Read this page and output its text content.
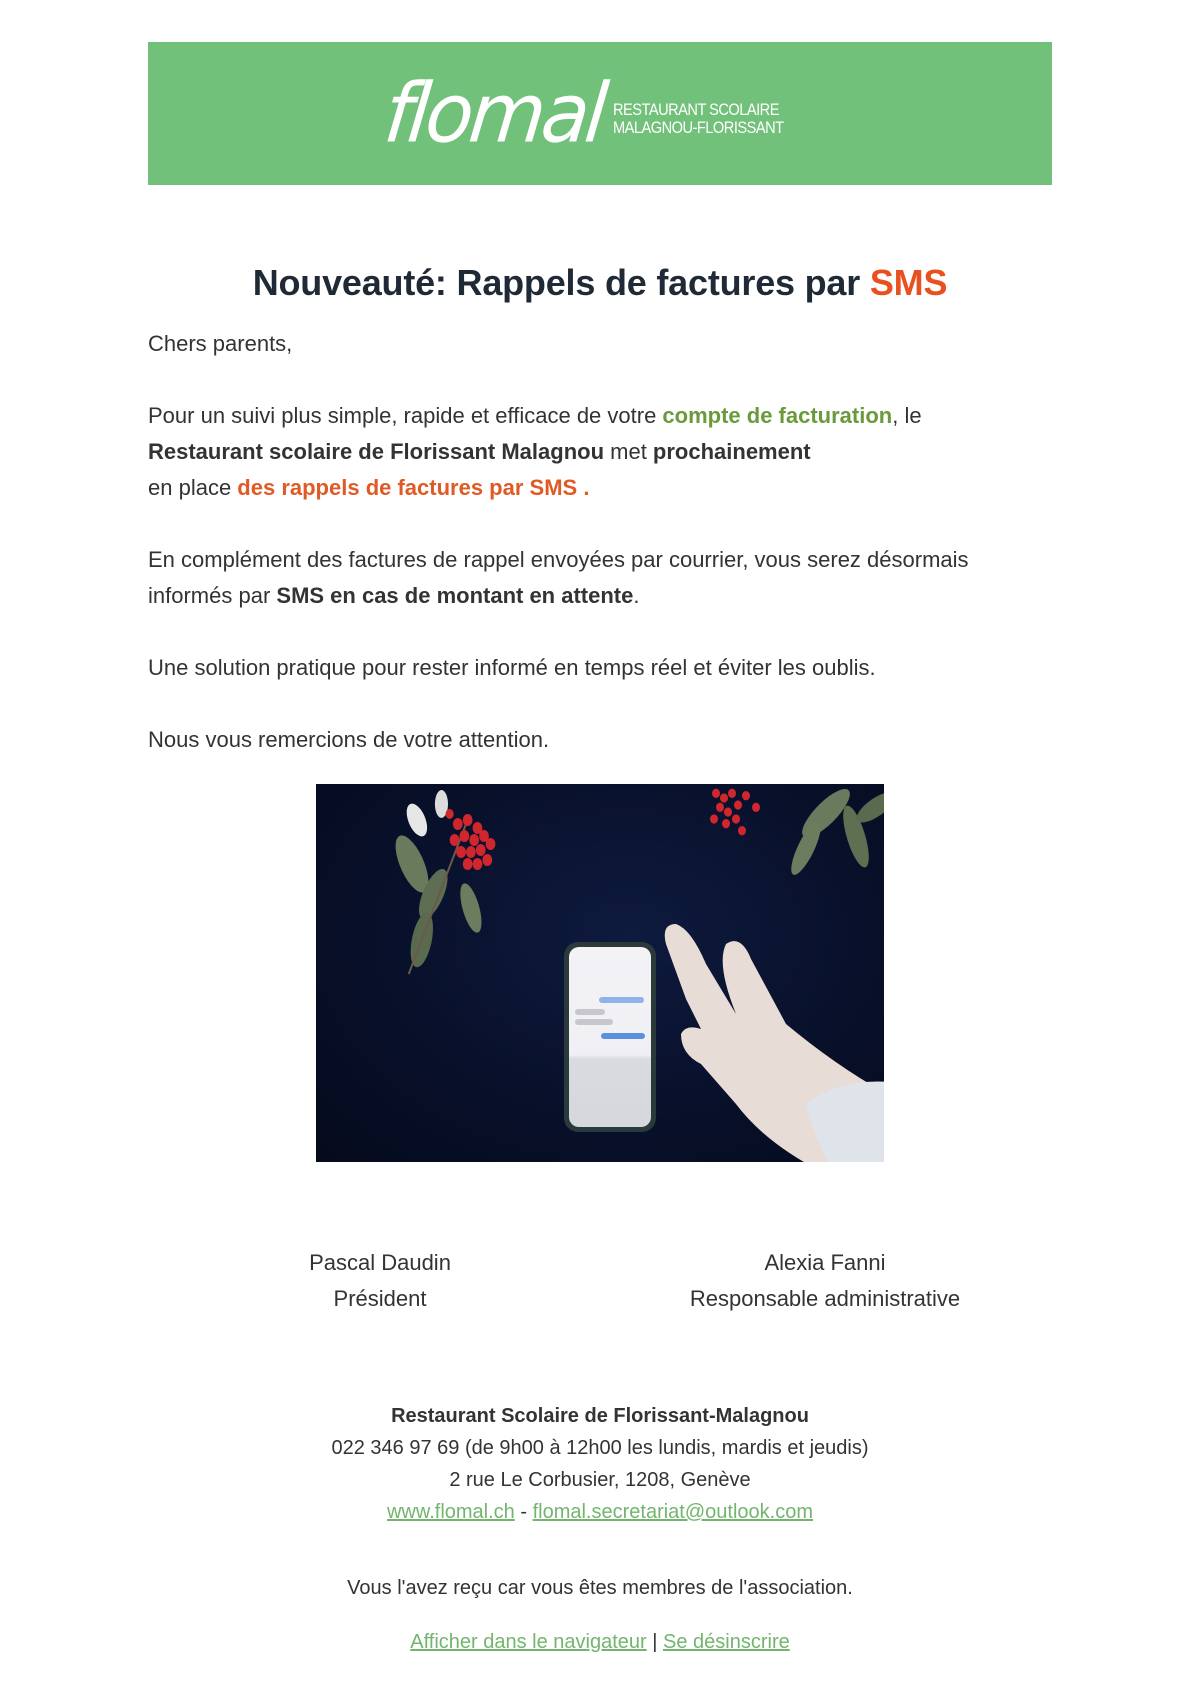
flomal RESTAURANT SCOLAIRE
MALAGNOU-FLORISSANT
Nouveauté: Rappels de factures par SMS

Chers parents,

Pour un suivi plus simple, rapide et efficace de votre compte de facturation, le
Restaurant scolaire de Florissant Malagnou met prochainement
en place des rappels de factures par SMS .
En complément des factures de rappel envoyées par courrier, vous serez désormais
informés par SMS en cas de montant en attente.

Une solution pratique pour rester informé en temps réel et éviter les oublis.

Nous vous remercions de votre attention.

Pascal Daudin
Président
Alexia Fanni
Responsable administrative
Restaurant Scolaire de Florissant-Malagnou
022 346 97 69 (de 9h00 à 12h00 les lundis, mardis et jeudis)
2 rue Le Corbusier, 1208, Genève
www.flomal.ch - flomal.secretariat@outlook.com
Vous l'avez reçu car vous êtes membres de l'association.
Afficher dans le navigateur | Se désinscrire
